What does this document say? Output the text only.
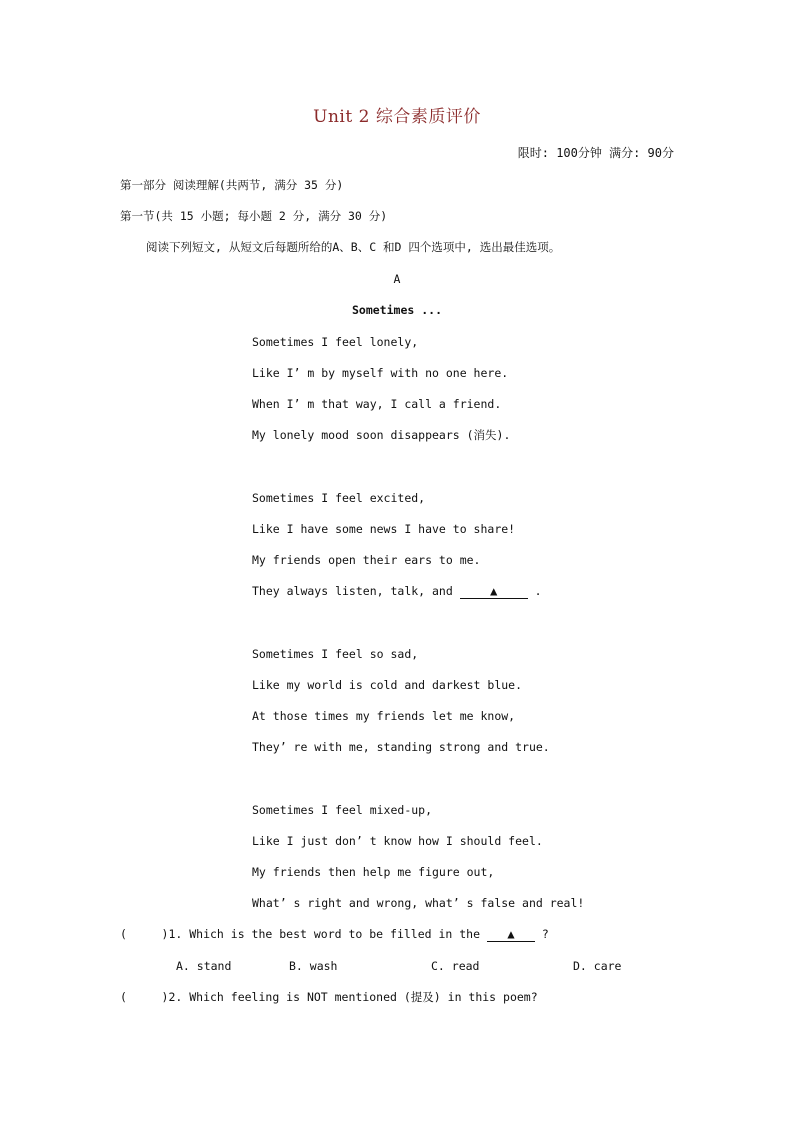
Unit 2 综合素质评价
限时: 100分钟 满分: 90分
第一部分 阅读理解(共两节, 满分 35 分)
第一节(共 15 小题; 每小题 2 分, 满分 30 分)
阅读下列短文, 从短文后每题所给的A、B、C 和D 四个选项中, 选出最佳选项。
A
Sometimes ...
Sometimes I feel lonely,
Like I’ m by myself with no one here.
When I’ m that way, I call a friend.
My lonely mood soon disappears (消失).
Sometimes I feel excited,
Like I have some news I have to share!
My friends open their ears to me.
They always listen, talk, and	▲	.
Sometimes I feel so sad,
Like my world is cold and darkest blue.
At those times my friends let me know,
They’ re with me, standing strong and true.
Sometimes I feel mixed-up,
Like I just don’ t know how I should feel.
My friends then help me figure out,
What’ s right and wrong, what’ s false and real!
(     )1. Which is the best word to be filled in the ▲ ?
A. stand	B. wash	C. read	D. care
(     )2. Which feeling is NOT mentioned (提及) in this poem?
